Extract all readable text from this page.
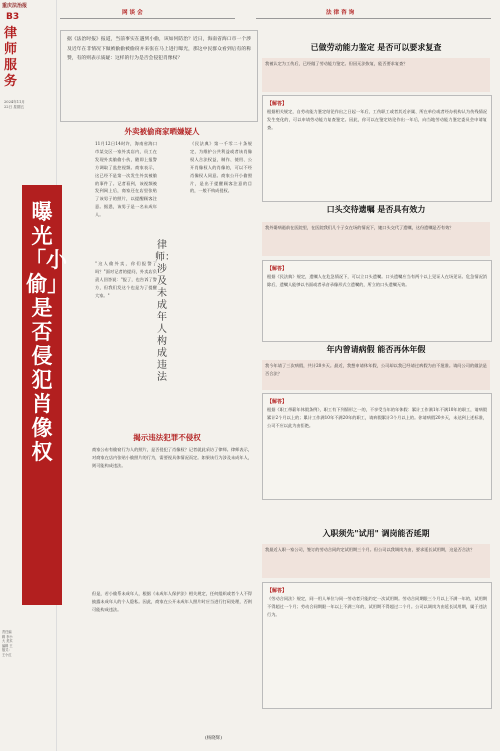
重庆法治报
B3
律师服务
2024年11月22日 星期五
责任编辑 李小大 美术编辑 王 版式：王小红
网 谈 会	法 律 咨 询
据《法治时报》报道，当前事实在遇到小偷，该如何防治？近日，海南省海口市一个涉及近年在非情况下做被偷偷被偷窃并来张在马上进行曝光，那这中民群众看到后有的称赞，有的则表示质疑：这样的行为是否会侵犯肖像权？
曝光「小偷」是否侵犯肖像权
律师：涉及未成年人构成违法
外卖被偷商家晒嫌疑人
11月12日14时许，海南省海口市某交区一家外卖店内，员工在发现外卖偷偷小伙，随即上报警方调取了监控视频。商家表示，这已经不是第一次发生外卖被偷的事件了。记者看到，该视频被发到网上后，商家还在店里张贴了该男子的照片，以提醒顾客注意。据悉，该男子是一名未成年人。
"这人偷外卖，你们报警了吗？"面对记者的提问，外卖店负责人回答说："报了，也告诉了警方，但我们发这个也是为了提醒大家。"
《民法典》第一千零二十条规定，为维护公共利益或者该肖像权人合法权益，制作、使用、公开肖像权人的肖像的，可以不经肖像权人同意。商家公开小偷照片，是出于提醒顾客注意的目的，一般不构成侵权。
揭示违法犯罪不侵权
商家公布有偷窃行为人的照片，是否侵犯了肖像权？记者就此采访了律师。律师表示，对商家在店内张贴小偷照片的行为，需要视具体情况而定。如果该行为涉及未成年人，则可能构成违法。
但是，若小偷系未成年人，根据《未成年人保护法》相关规定，任何组织或者个人不得披露未成年人的个人隐私。因此，商家在公开未成年人照片时应当进行打码处理，否则可能构成违法。
(杨晓辉)
已做劳动能力鉴定 是否可以要求复查
我被认定为工伤后，已经做了劳动能力鉴定。但因无法恢复，能否要求复查？
【解答】
根据相关规定，自劳动能力鉴定结论作出之日起一年后，工伤职工或者其近亲属、所在单位或者经办机构认为伤残情况发生变化的，可以申请劳动能力复查鉴定。因此，你可以在鉴定结论作出一年后，向当地劳动能力鉴定委员会申请复查。
口头交待遗嘱 是否具有效力
我外婆病逝前在医院里，在医院我们几个子女在场的情况下，她口头交代了遗嘱，这份遗嘱是否有效？
【解答】
根据《民法典》规定，遗嘱人在危急情况下，可以立口头遗嘱。口头遗嘱应当有两个以上见证人在场见证。危急情况消除后，遗嘱人能够以书面或者录音录像形式立遗嘱的，所立的口头遗嘱无效。
年内曾请病假 能否再休年假
我今年请了三次病假，共计20多天。最近，我想申请休年假，公司却以我已经请过病假为由不批准。请问公司的做法是否合法？
【解答】
根据《职工带薪年休假条例》，职工有下列情形之一的，不享受当年的年休假：累计工作满1年不满10年的职工，请病假累计2个月以上的；累计工作满10年不满20年的职工，请病假累计3个月以上的。你请病假20多天，未达到上述标准，公司不应以此为由拒绝。
入职须先"试用" 调岗能否延期
我最近入职一家公司，签订的劳动合同约定试用期三个月。但公司以我调岗为由，要求延长试用期，这是否合法？
【解答】
《劳动合同法》规定，同一用人单位与同一劳动者只能约定一次试用期。劳动合同期限三个月以上不满一年的，试用期不得超过一个月；劳动合同期限一年以上不满三年的，试用期不得超过二个月。公司以调岗为由延长试用期，属于违法行为。
